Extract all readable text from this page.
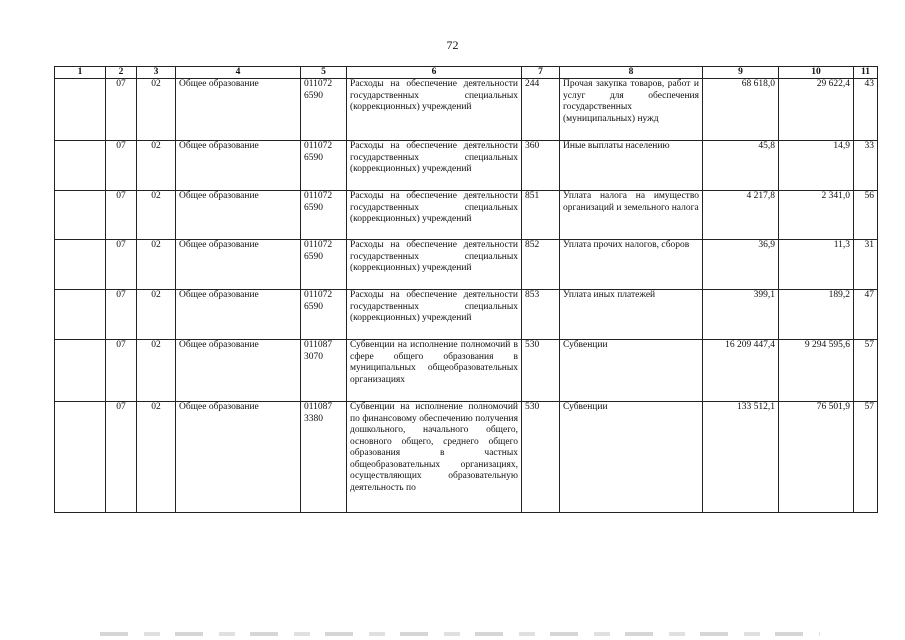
72
1	2	3	4	5	6	7	8	9	10	11
	07	02	Общее образование	011072 6590	Расходы на обеспечение деятельности государственных специальных (коррекционных) учреждений	244	Прочая закупка товаров, работ и услуг для обеспечения государственных (муниципальных) нужд	68 618,0	29 622,4	43
	07	02	Общее образование	011072 6590	Расходы на обеспечение деятельности государственных специальных (коррекционных) учреждений	360	Иные выплаты населению	45,8	14,9	33
	07	02	Общее образование	011072 6590	Расходы на обеспечение деятельности государственных специальных (коррекционных) учреждений	851	Уплата налога на имущество организаций и земельного налога	4 217,8	2 341,0	56
	07	02	Общее образование	011072 6590	Расходы на обеспечение деятельности государственных специальных (коррекционных) учреждений	852	Уплата прочих налогов, сборов	36,9	11,3	31
	07	02	Общее образование	011072 6590	Расходы на обеспечение деятельности государственных специальных (коррекционных) учреждений	853	Уплата иных платежей	399,1	189,2	47
	07	02	Общее образование	011087 3070	Субвенции на исполнение полномочий в сфере общего образования в муниципальных общеобразовательных организациях	530	Субвенции	16 209 447,4	9 294 595,6	57
	07	02	Общее образование	011087 3380	Субвенции на исполнение полномочий по финансовому обеспечению получения дошкольного, начального общего, основного общего, среднего общего образования в частных общеобразовательных организациях, осуществляющих образовательную деятельность по	530	Субвенции	133 512,1	76 501,9	57
